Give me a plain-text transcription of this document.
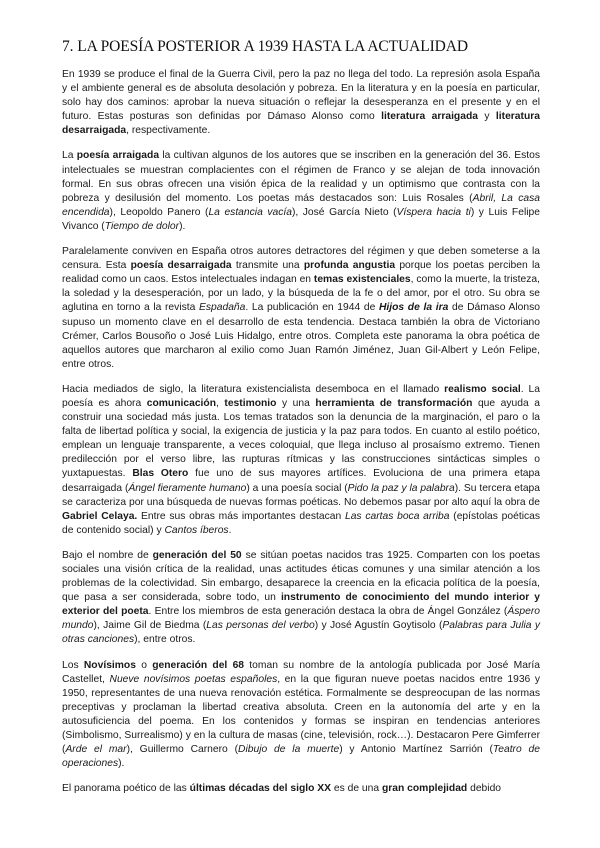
7. LA POESÍA POSTERIOR A 1939 HASTA LA ACTUALIDAD

En 1939 se produce el final de la Guerra Civil, pero la paz no llega del todo. La represión asola España y el ambiente general es de absoluta desolación y pobreza. En la literatura y en la poesía en particular, solo hay dos caminos: aprobar la nueva situación o reflejar la desesperanza en el presente y en el futuro. Estas posturas son definidas por Dámaso Alonso como literatura arraigada y literatura desarraigada, respectivamente.

La poesía arraigada la cultivan algunos de los autores que se inscriben en la generación del 36. Estos intelectuales se muestran complacientes con el régimen de Franco y se alejan de toda innovación formal. En sus obras ofrecen una visión épica de la realidad y un optimismo que contrasta con la pobreza y desilusión del momento. Los poetas más destacados son: Luis Rosales (Abril, La casa encendida), Leopoldo Panero (La estancia vacía), José García Nieto (Víspera hacia ti) y Luis Felipe Vivanco (Tiempo de dolor).

Paralelamente conviven en España otros autores detractores del régimen y que deben someterse a la censura. Esta poesía desarraigada transmite una profunda angustia porque los poetas perciben la realidad como un caos. Estos intelectuales indagan en temas existenciales, como la muerte, la tristeza, la soledad y la desesperación, por un lado, y la búsqueda de la fe o del amor, por el otro. Su obra se aglutina en torno a la revista Espadaña. La publicación en 1944 de Hijos de la ira de Dámaso Alonso supuso un momento clave en el desarrollo de esta tendencia. Destaca también la obra de Victoriano Crémer, Carlos Bousoño o José Luis Hidalgo, entre otros. Completa este panorama la obra poética de aquellos autores que marcharon al exilio como Juan Ramón Jiménez, Juan Gil-Albert y León Felipe, entre otros.

Hacia mediados de siglo, la literatura existencialista desemboca en el llamado realismo social. La poesía es ahora comunicación, testimonio y una herramienta de transformación que ayuda a construir una sociedad más justa. Los temas tratados son la denuncia de la marginación, el paro o la falta de libertad política y social, la exigencia de justicia y la paz para todos. En cuanto al estilo poético, emplean un lenguaje transparente, a veces coloquial, que llega incluso al prosaísmo extremo. Tienen predilección por el verso libre, las rupturas rítmicas y las construcciones sintácticas simples o yuxtapuestas. Blas Otero fue uno de sus mayores artífices. Evoluciona de una primera etapa desarraigada (Ángel fieramente humano) a una poesía social (Pido la paz y la palabra). Su tercera etapa se caracteriza por una búsqueda de nuevas formas poéticas. No debemos pasar por alto aquí la obra de Gabriel Celaya. Entre sus obras más importantes destacan Las cartas boca arriba (epístolas poéticas de contenido social) y Cantos íberos.

Bajo el nombre de generación del 50 se sitúan poetas nacidos tras 1925. Comparten con los poetas sociales una visión crítica de la realidad, unas actitudes éticas comunes y una similar atención a los problemas de la colectividad. Sin embargo, desaparece la creencia en la eficacia política de la poesía, que pasa a ser considerada, sobre todo, un instrumento de conocimiento del mundo interior y exterior del poeta. Entre los miembros de esta generación destaca la obra de Ángel González (Áspero mundo), Jaime Gil de Biedma (Las personas del verbo) y José Agustín Goytisolo (Palabras para Julia y otras canciones), entre otros.

Los Novísimos o generación del 68 toman su nombre de la antología publicada por José María Castellet, Nueve novísimos poetas españoles, en la que figuran nueve poetas nacidos entre 1936 y 1950, representantes de una nueva renovación estética. Formalmente se despreocupan de las normas preceptivas y proclaman la libertad creativa absoluta. Creen en la autonomía del arte y en la autosuficiencia del poema. En los contenidos y formas se inspiran en tendencias anteriores (Simbolismo, Surrealismo) y en la cultura de masas (cine, televisión, rock…). Destacaron Pere Gimferrer (Arde el mar), Guillermo Carnero (Dibujo de la muerte) y Antonio Martínez Sarrión (Teatro de operaciones).

El panorama poético de las últimas décadas del siglo XX es de una gran complejidad debido
